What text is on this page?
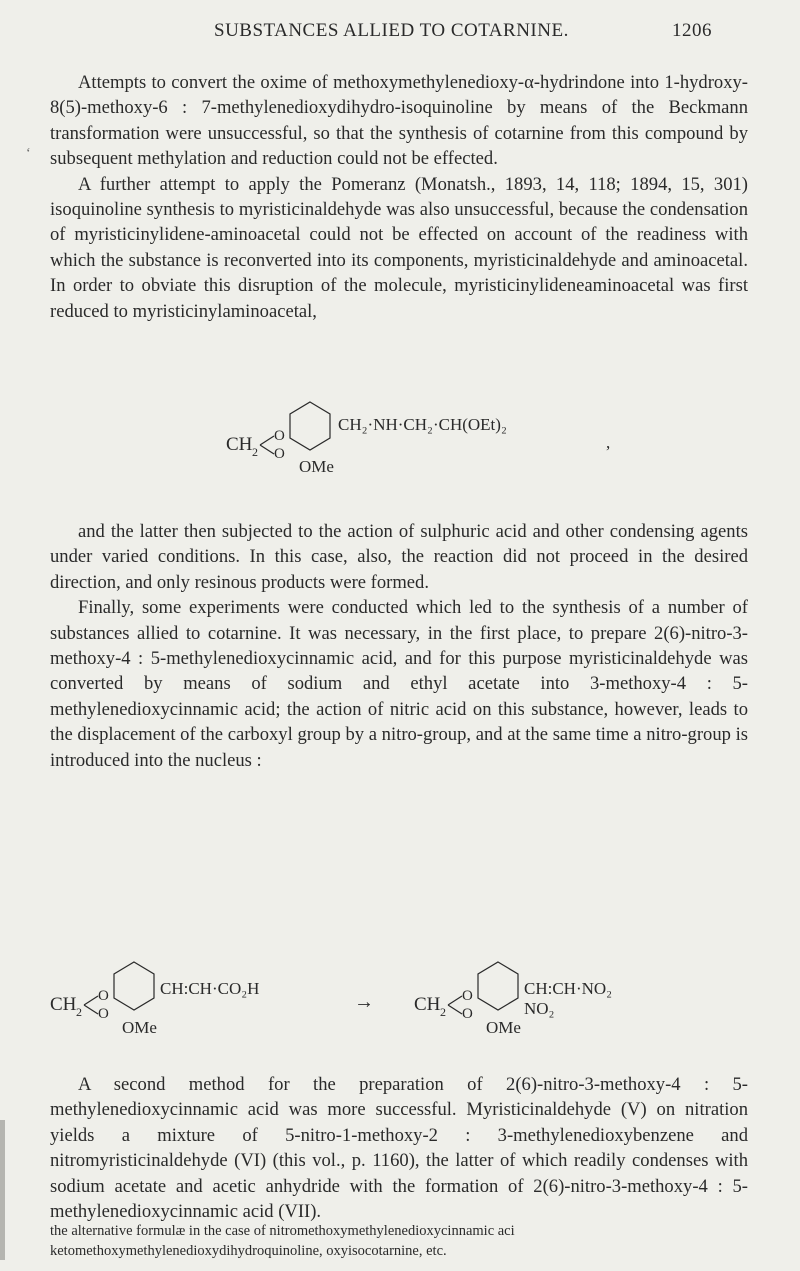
SUBSTANCES ALLIED TO COTARNINE.	1206
‘

Attempts to convert the oxime of methoxymethylenedioxy-α-hydrindone into 1-hydroxy-8(5)-methoxy-6 : 7-methylenedioxydihydro-isoquinoline by means of the Beckmann transformation were unsuccessful, so that the synthesis of cotarnine from this compound by subsequent methylation and reduction could not be effected.

A further attempt to apply the Pomeranz (Monatsh., 1893, 14, 118; 1894, 15, 301) isoquinoline synthesis to myristicinaldehyde was also unsuccessful, because the condensation of myristicinylidene-aminoacetal could not be effected on account of the readiness with which the substance is reconverted into its components, myristicinaldehyde and aminoacetal. In order to obviate this disruption of the molecule, myristicinylideneaminoacetal was first reduced to myristicinylaminoacetal,

CH 2
O
O
CH₂·NH·CH₂·CH(OEt)₂
OMe
,

and the latter then subjected to the action of sulphuric acid and other condensing agents under varied conditions. In this case, also, the reaction did not proceed in the desired direction, and only resinous products were formed.

Finally, some experiments were conducted which led to the synthesis of a number of substances allied to cotarnine. It was necessary, in the first place, to prepare 2(6)-nitro-3-methoxy-4 : 5-methylenedioxycinnamic acid, and for this purpose myristicinaldehyde was converted by means of sodium and ethyl acetate into 3-methoxy-4 : 5-methylenedioxycinnamic acid; the action of nitric acid on this substance, however, leads to the displacement of the carboxyl group by a nitro-group, and at the same time a nitro-group is introduced into the nucleus :

CH 2
O
O
CH:CH·CO₂H
OMe
→ CH 2
O
O
CH:CH·NO₂
NO₂
OMe

A second method for the preparation of 2(6)-nitro-3-methoxy-4 : 5-methylenedioxycinnamic acid was more successful. Myristicinaldehyde (V) on nitration yields a mixture of 5-nitro-1-methoxy-2 : 3-methylenedioxybenzene and nitromyristicinaldehyde (VI) (this vol., p. 1160), the latter of which readily condenses with sodium acetate and acetic anhydride with the formation of 2(6)-nitro-3-methoxy-4 : 5-methylenedioxycinnamic acid (VII).

the alternative formulæ in the case of nitromethoxymethylenedioxycinnamic aci ketomethoxymethylenedioxydihydroquinoline, oxyisocotarnine, etc.
